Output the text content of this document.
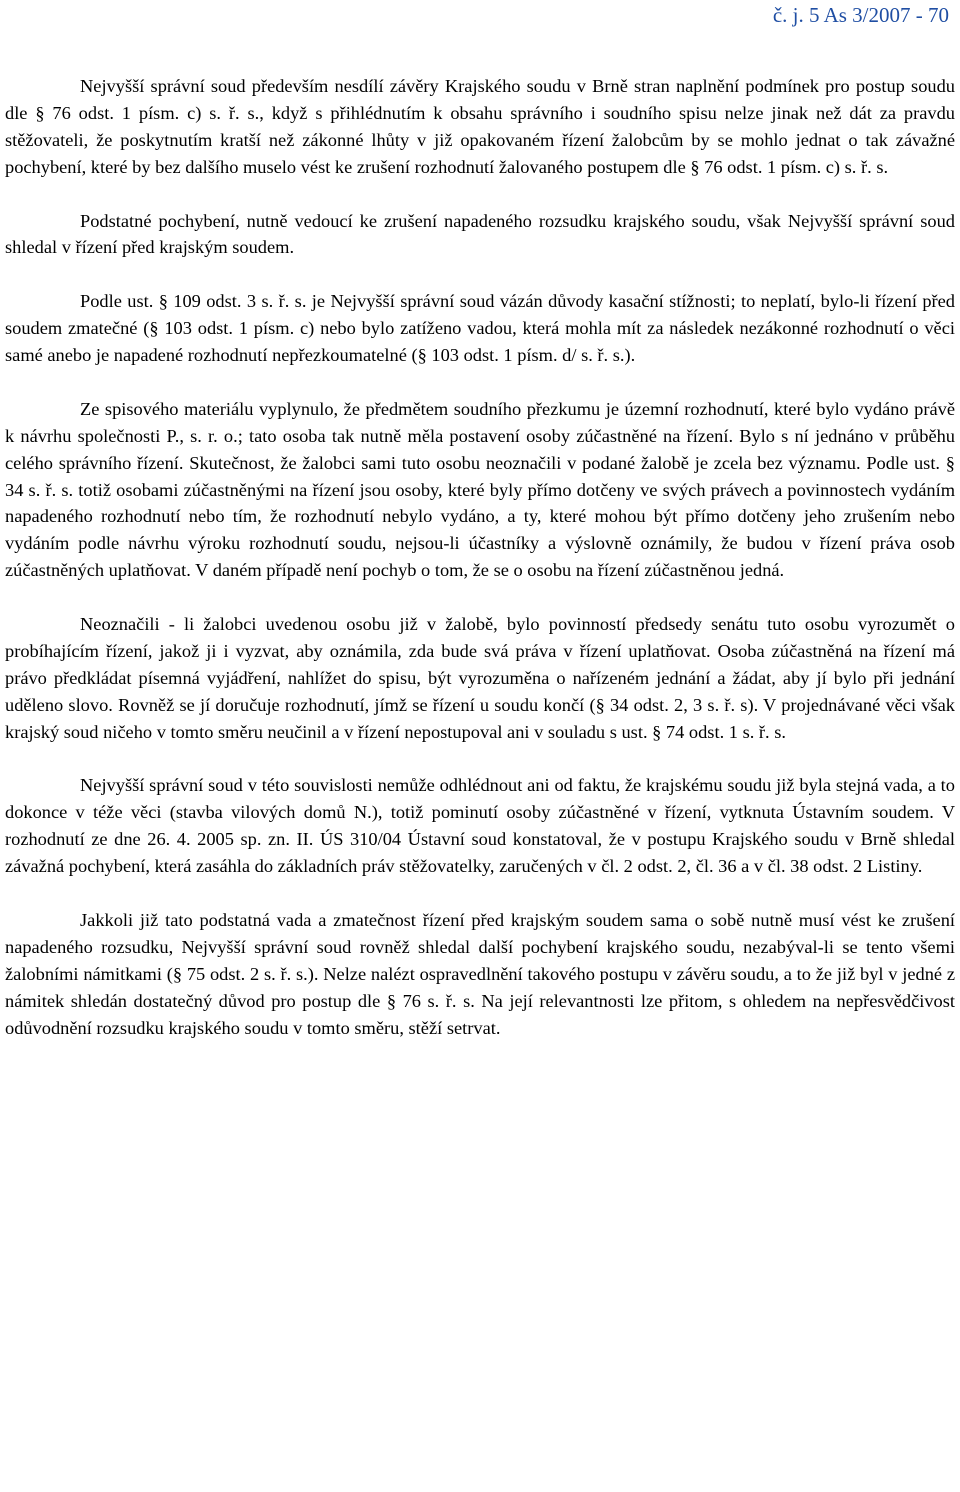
č. j. 5 As 3/2007 - 70

Nejvyšší správní soud především nesdílí závěry Krajského soudu v Brně stran naplnění podmínek pro postup soudu dle § 76 odst. 1 písm. c) s. ř. s., když s přihlédnutím k obsahu správního i soudního spisu nelze jinak než dát za pravdu stěžovateli, že poskytnutím kratší než zákonné lhůty v již opakovaném řízení žalobcům by se mohlo jednat o tak závažné pochybení, které by bez dalšího muselo vést ke zrušení rozhodnutí žalovaného postupem dle § 76 odst. 1 písm. c) s. ř. s.

Podstatné pochybení, nutně vedoucí ke zrušení napadeného rozsudku krajského soudu, však Nejvyšší správní soud shledal v řízení před krajským soudem.

Podle ust. § 109 odst. 3 s. ř. s. je Nejvyšší správní soud vázán důvody kasační stížnosti; to neplatí, bylo-li řízení před soudem zmatečné (§ 103 odst. 1 písm. c) nebo bylo zatíženo vadou, která mohla mít za následek nezákonné rozhodnutí o věci samé anebo je napadené rozhodnutí nepřezkoumatelné (§ 103 odst. 1 písm. d/ s. ř. s.).

Ze spisového materiálu vyplynulo, že předmětem soudního přezkumu je územní rozhodnutí, které bylo vydáno právě k návrhu společnosti P., s. r. o.; tato osoba tak nutně měla postavení osoby zúčastněné na řízení. Bylo s ní jednáno v průběhu celého správního řízení. Skutečnost, že žalobci sami tuto osobu neoznačili v podané žalobě je zcela bez významu. Podle ust. § 34 s. ř. s. totiž osobami zúčastněnými na řízení jsou osoby, které byly přímo dotčeny ve svých právech a povinnostech vydáním napadeného rozhodnutí nebo tím, že rozhodnutí nebylo vydáno, a ty, které mohou být přímo dotčeny jeho zrušením nebo vydáním podle návrhu výroku rozhodnutí soudu, nejsou-li účastníky a výslovně oznámily, že budou v řízení práva osob zúčastněných uplatňovat. V daném případě není pochyb o tom, že se o osobu na řízení zúčastněnou jedná.

Neoznačili - li žalobci uvedenou osobu již v žalobě, bylo povinností předsedy senátu tuto osobu vyrozumět o probíhajícím řízení, jakož ji i vyzvat, aby oznámila, zda bude svá práva v řízení uplatňovat. Osoba zúčastněná na řízení má právo předkládat písemná vyjádření, nahlížet do spisu, být vyrozuměna o nařízeném jednání a žádat, aby jí bylo při jednání uděleno slovo. Rovněž se jí doručuje rozhodnutí, jímž se řízení u soudu končí (§ 34 odst. 2, 3 s. ř. s). V projednávané věci však krajský soud ničeho v tomto směru neučinil a v řízení nepostupoval ani v souladu s ust. § 74 odst. 1 s. ř. s.

Nejvyšší správní soud v této souvislosti nemůže odhlédnout ani od faktu, že krajskému soudu již byla stejná vada, a to dokonce v téže věci (stavba vilových domů N.), totiž pominutí osoby zúčastněné v řízení, vytknuta Ústavním soudem. V rozhodnutí ze dne 26. 4. 2005 sp. zn. II. ÚS 310/04 Ústavní soud konstatoval, že v postupu Krajského soudu v Brně shledal závažná pochybení, která zasáhla do základních práv stěžovatelky, zaručených v čl. 2 odst. 2, čl. 36 a v čl. 38 odst. 2 Listiny.

Jakkoli již tato podstatná vada a zmatečnost řízení před krajským soudem sama o sobě nutně musí vést ke zrušení napadeného rozsudku, Nejvyšší správní soud rovněž shledal další pochybení krajského soudu, nezabýval-li se tento všemi žalobními námitkami (§ 75 odst. 2 s. ř. s.). Nelze nalézt ospravedlnění takového postupu v závěru soudu, a to že již byl v jedné z námitek shledán dostatečný důvod pro postup dle § 76 s. ř. s. Na její relevantnosti lze přitom, s ohledem na nepřesvědčivost odůvodnění rozsudku krajského soudu v tomto směru, stěží setrvat.
